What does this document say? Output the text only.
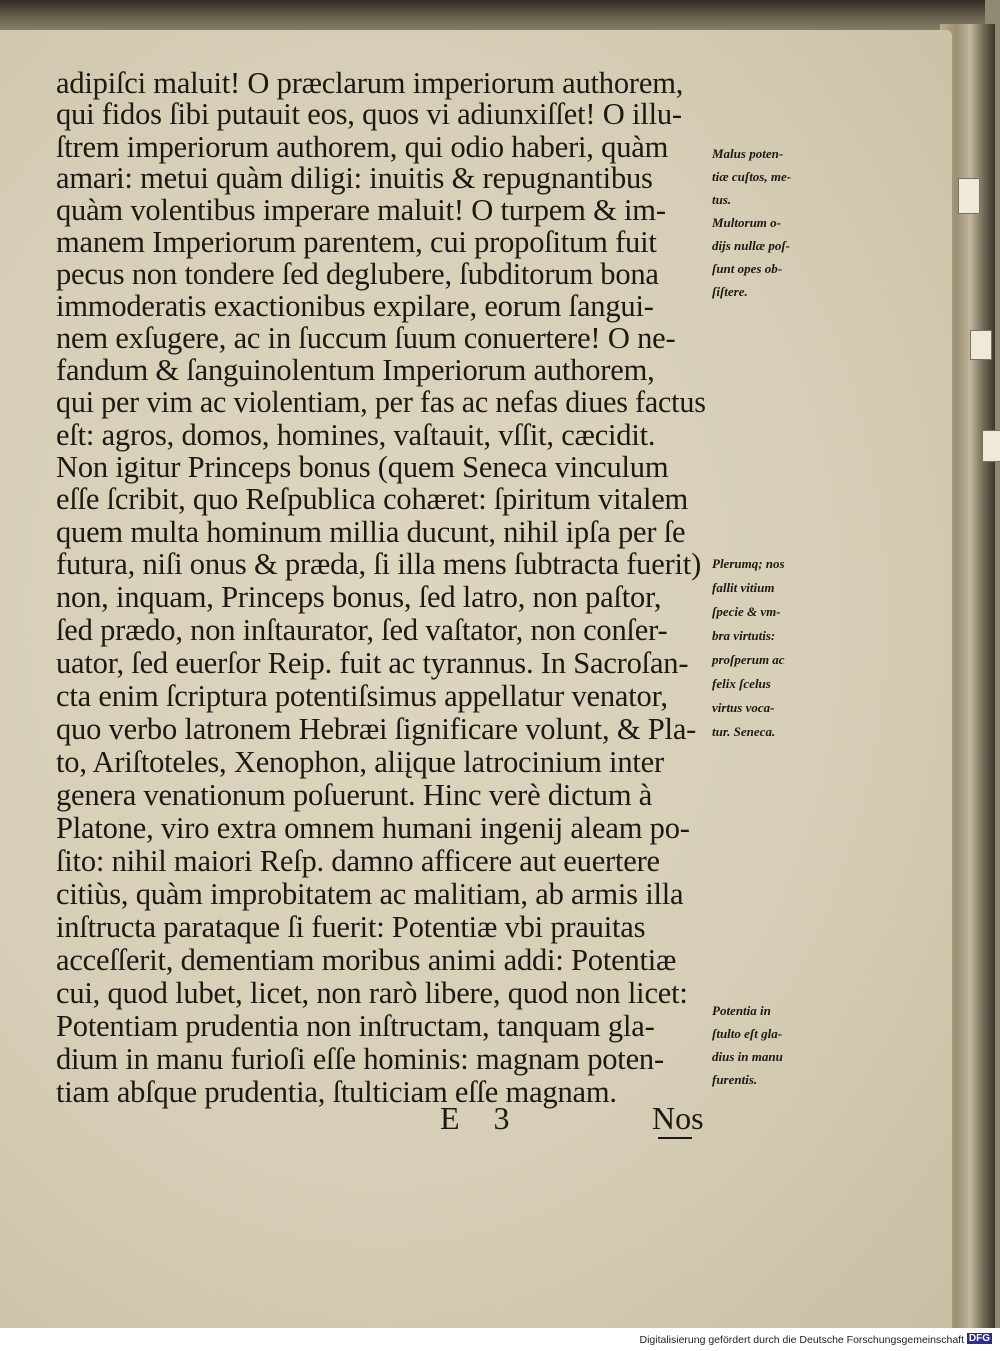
adipiſci maluit! O præclarum imperiorum authorem,
qui fidos ſibi putauit eos, quos vi adiunxiſſet! O illu-
ſtrem imperiorum authorem, qui odio haberi, quàm
amari: metui quàm diligi: inuitis & repugnantibus
quàm volentibus imperare maluit! O turpem & im-
manem Imperiorum parentem, cui propoſitum fuit
pecus non tondere ſed deglubere, ſubditorum bona
immoderatis exactionibus expilare, eorum ſangui-
nem exſugere, ac in ſuccum ſuum conuertere! O ne-
fandum & ſanguinolentum Imperiorum authorem,
qui per vim ac violentiam, per fas ac nefas diues factus
eſt: agros, domos, homines, vaſtauit, vſſit, cæcidit.
Non igitur Princeps bonus (quem Seneca vinculum
eſſe ſcribit, quo Reſpublica cohæret: ſpiritum vitalem
quem multa hominum millia ducunt, nihil ipſa per ſe
futura, niſi onus & præda, ſi illa mens ſubtracta fuerit)
non, inquam, Princeps bonus, ſed latro, non paſtor,
ſed prædo, non inſtaurator, ſed vaſtator, non conſer-
uator, ſed euerſor Reip. fuit ac tyrannus. In Sacroſan-
cta enim ſcriptura potentiſsimus appellatur venator,
quo verbo latronem Hebræi ſignificare volunt, & Pla-
to, Ariſtoteles, Xenophon, aliįque latrocinium inter
genera venationum poſuerunt. Hinc verè dictum à
Platone, viro extra omnem humani ingenij aleam po-
ſito: nihil maiori Reſp. damno afficere aut euertere
citiùs, quàm improbitatem ac malitiam, ab armis illa
inſtructa parataque ſi fuerit: Potentiæ vbi prauitas
acceſſerit, dementiam moribus animi addi: Potentiæ
cui, quod lubet, licet, non rarò libere, quod non licet:
Potentiam prudentia non inſtructam, tanquam gla-
dium in manu furioſi eſſe hominis: magnam poten-
tiam abſque prudentia, ſtulticiam eſſe magnam.
Malus poten-
tiæ cuſtos, me-
tus.
Multorum o-
dijs nullæ poſ-
ſunt opes ob-
ſiſtere.
Plerumq; nos
fallit vitium
ſpecie & vm-
bra virtutis:
proſperum ac
felix ſcelus
virtus voca-
tur. Seneca.
Potentia in
ſtulto eſt gla-
dius in manu
furentis.
E 3	Nos
Digitalisierung gefördert durch die Deutsche Forschungsgemeinschaft DFG
